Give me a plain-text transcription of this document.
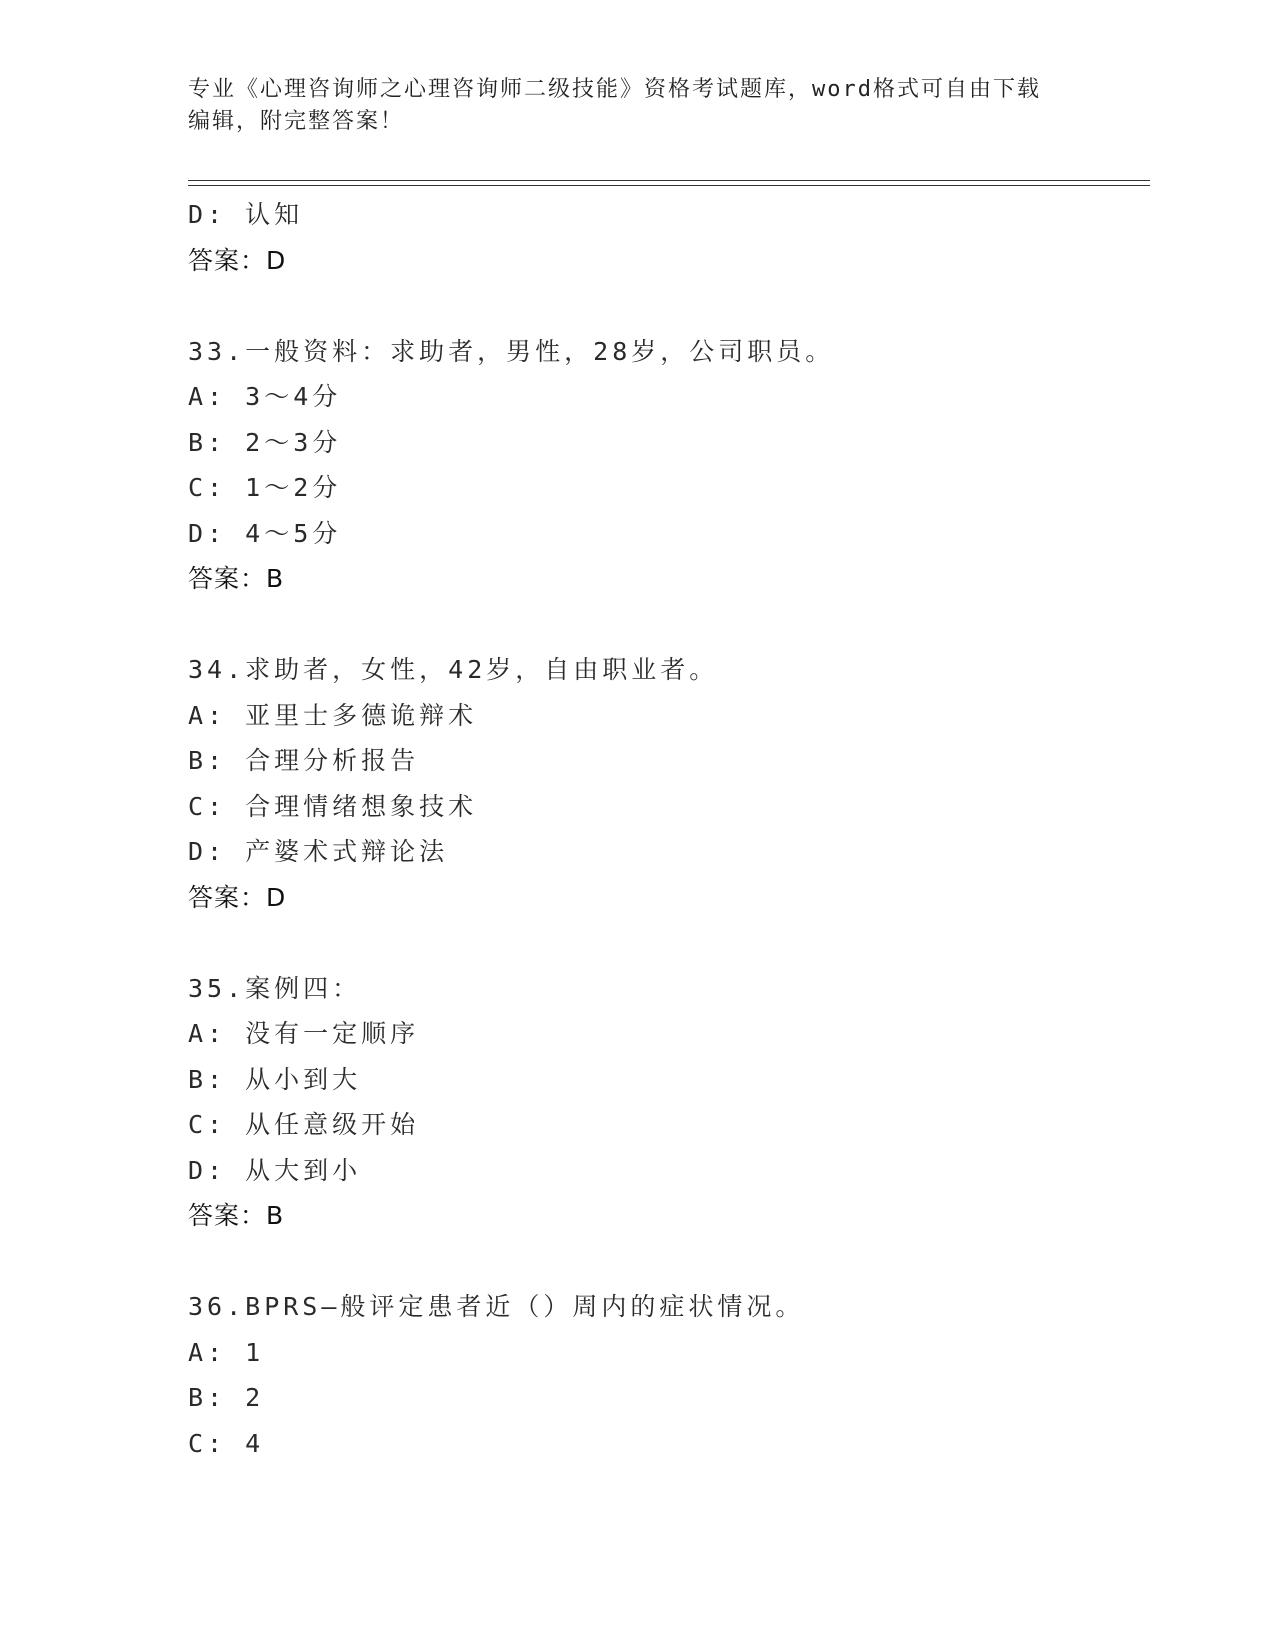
专业《心理咨询师之心理咨询师二级技能》资格考试题库，word格式可自由下载
编辑，附完整答案！
D: 认知
答案：D
33.一般资料：求助者，男性，28岁，公司职员。
A: 3～4分
B: 2～3分
C: 1～2分
D: 4～5分
答案：B
34.求助者，女性，42岁，自由职业者。
A: 亚里士多德诡辩术
B: 合理分析报告
C: 合理情绪想象技术
D: 产婆术式辩论法
答案：D
35.案例四：
A: 没有一定顺序
B: 从小到大
C: 从任意级开始
D: 从大到小
答案：B
36.BPRS—般评定患者近（）周内的症状情况。
A: 1
B: 2
C: 4
